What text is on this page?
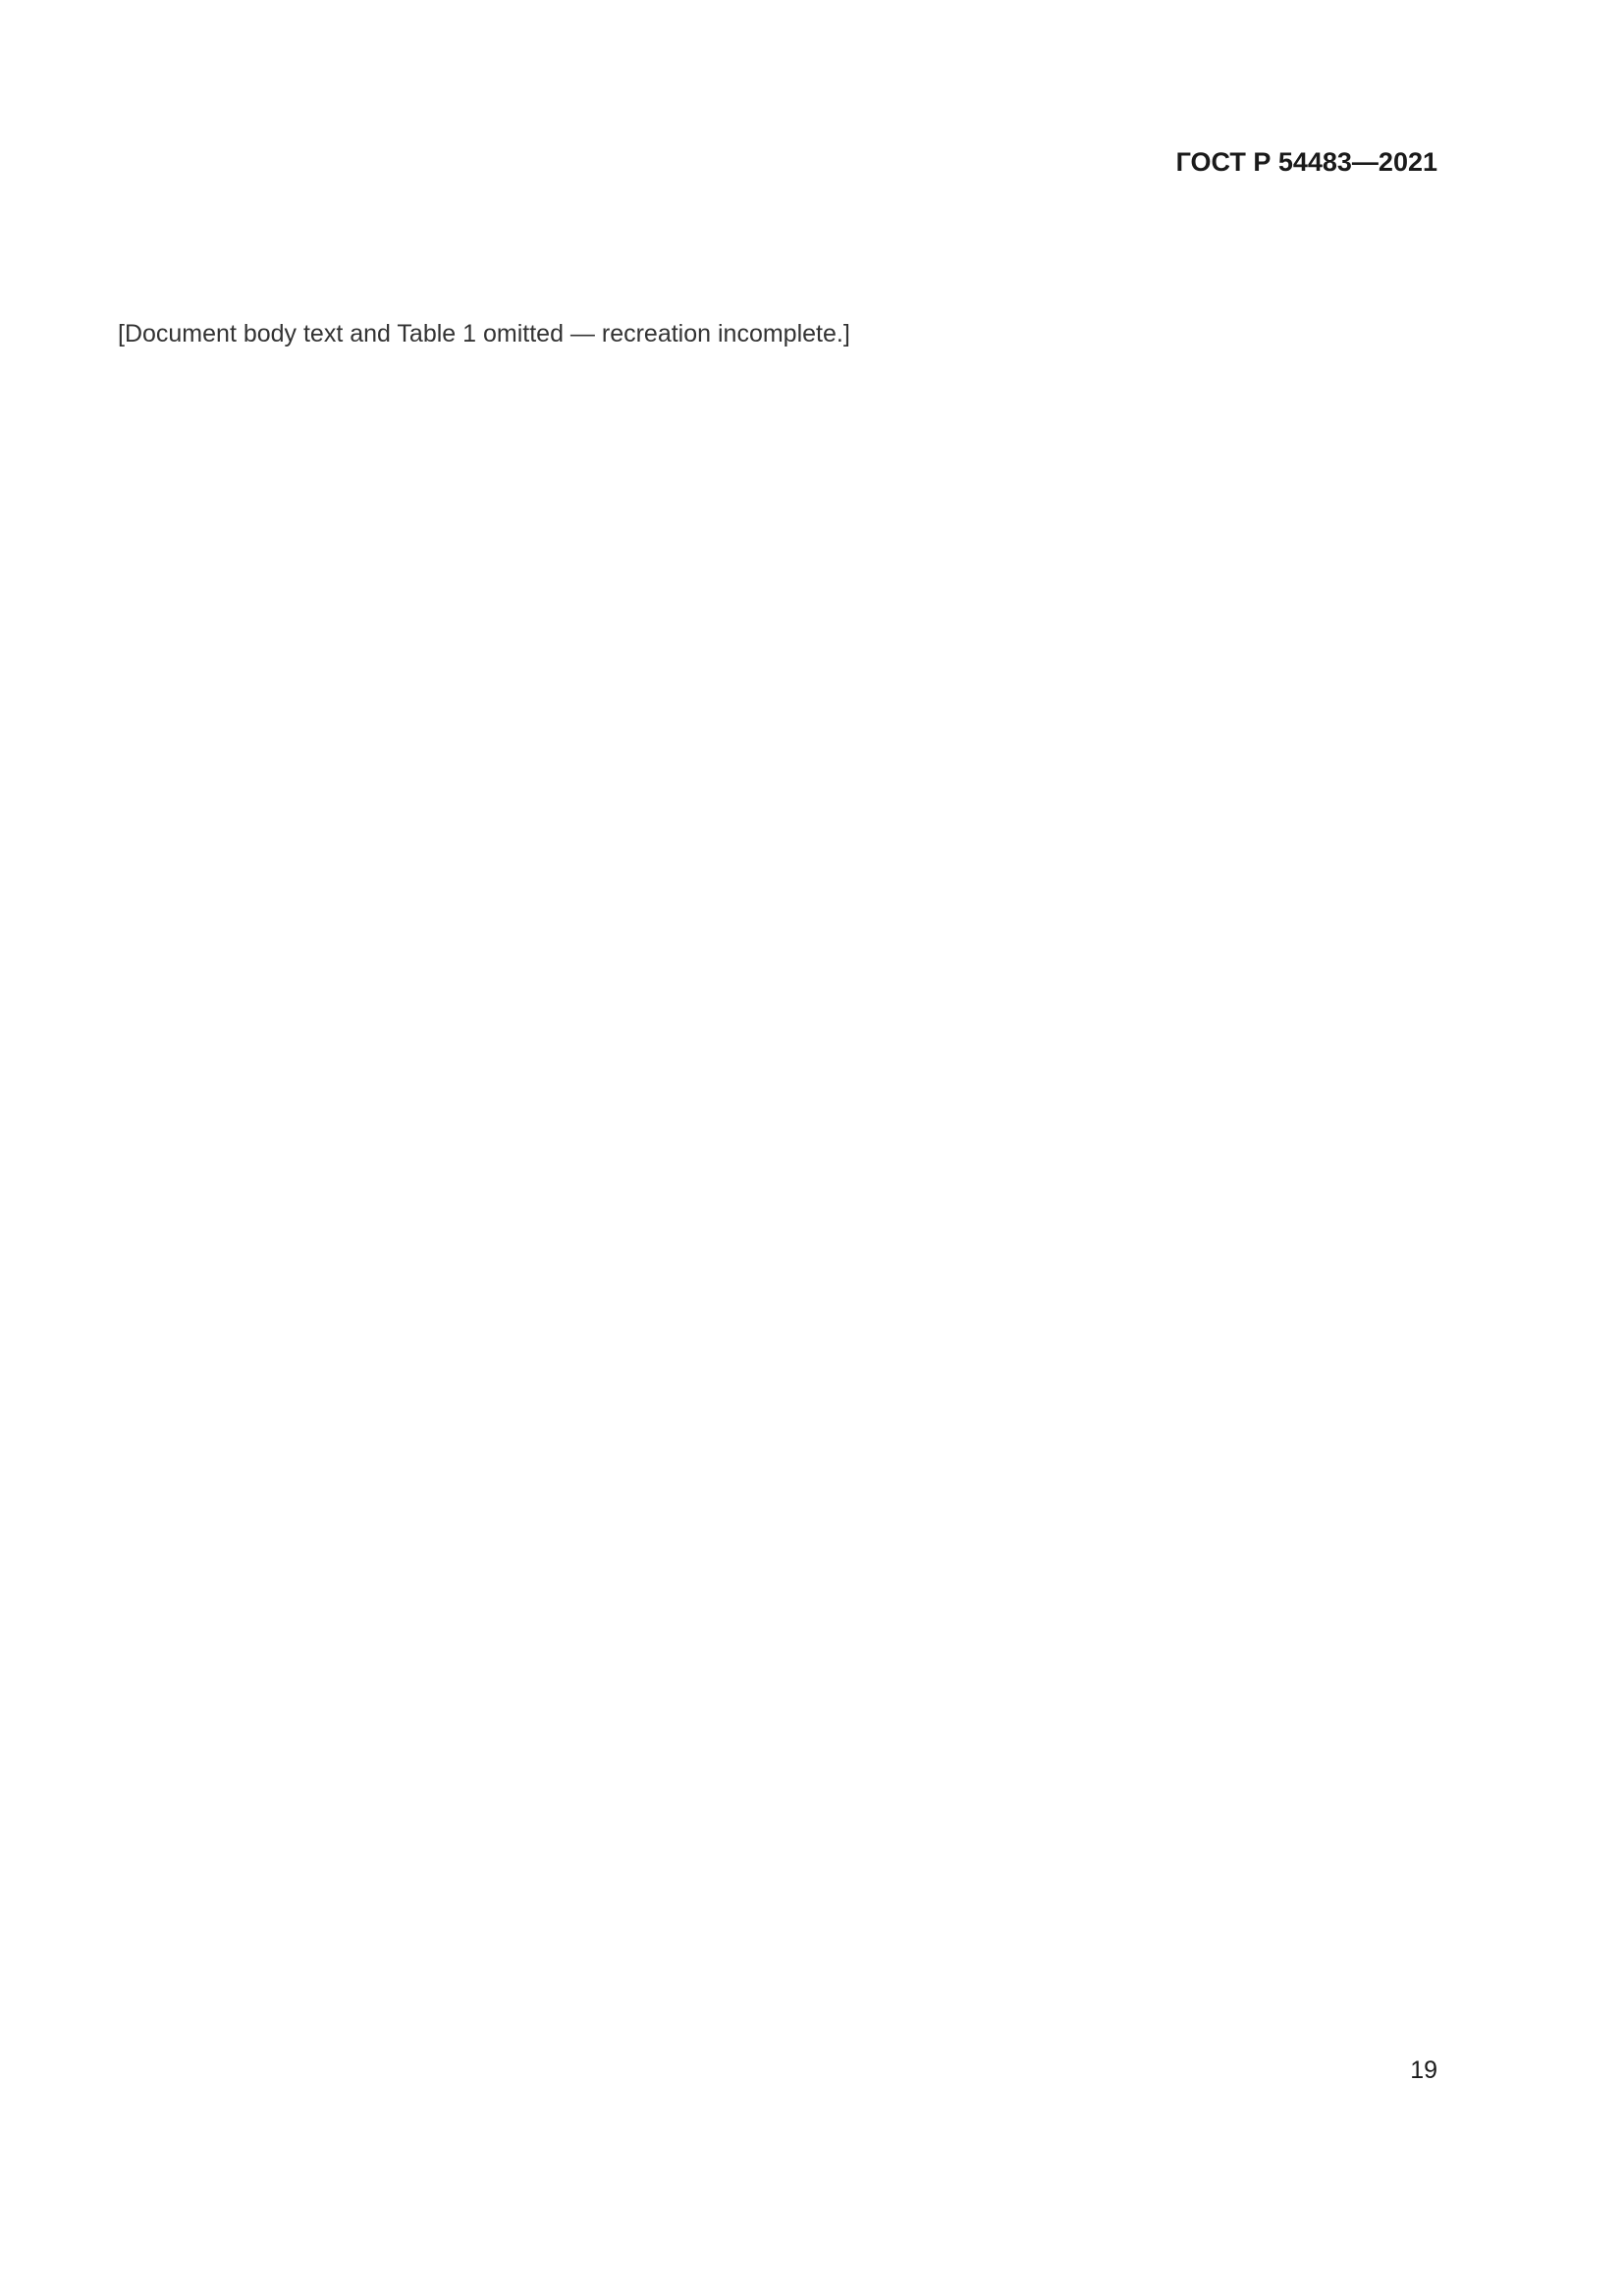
ГОСТ Р 54483—2021
[Document body text and Table 1 omitted — recreation incomplete.]
19
